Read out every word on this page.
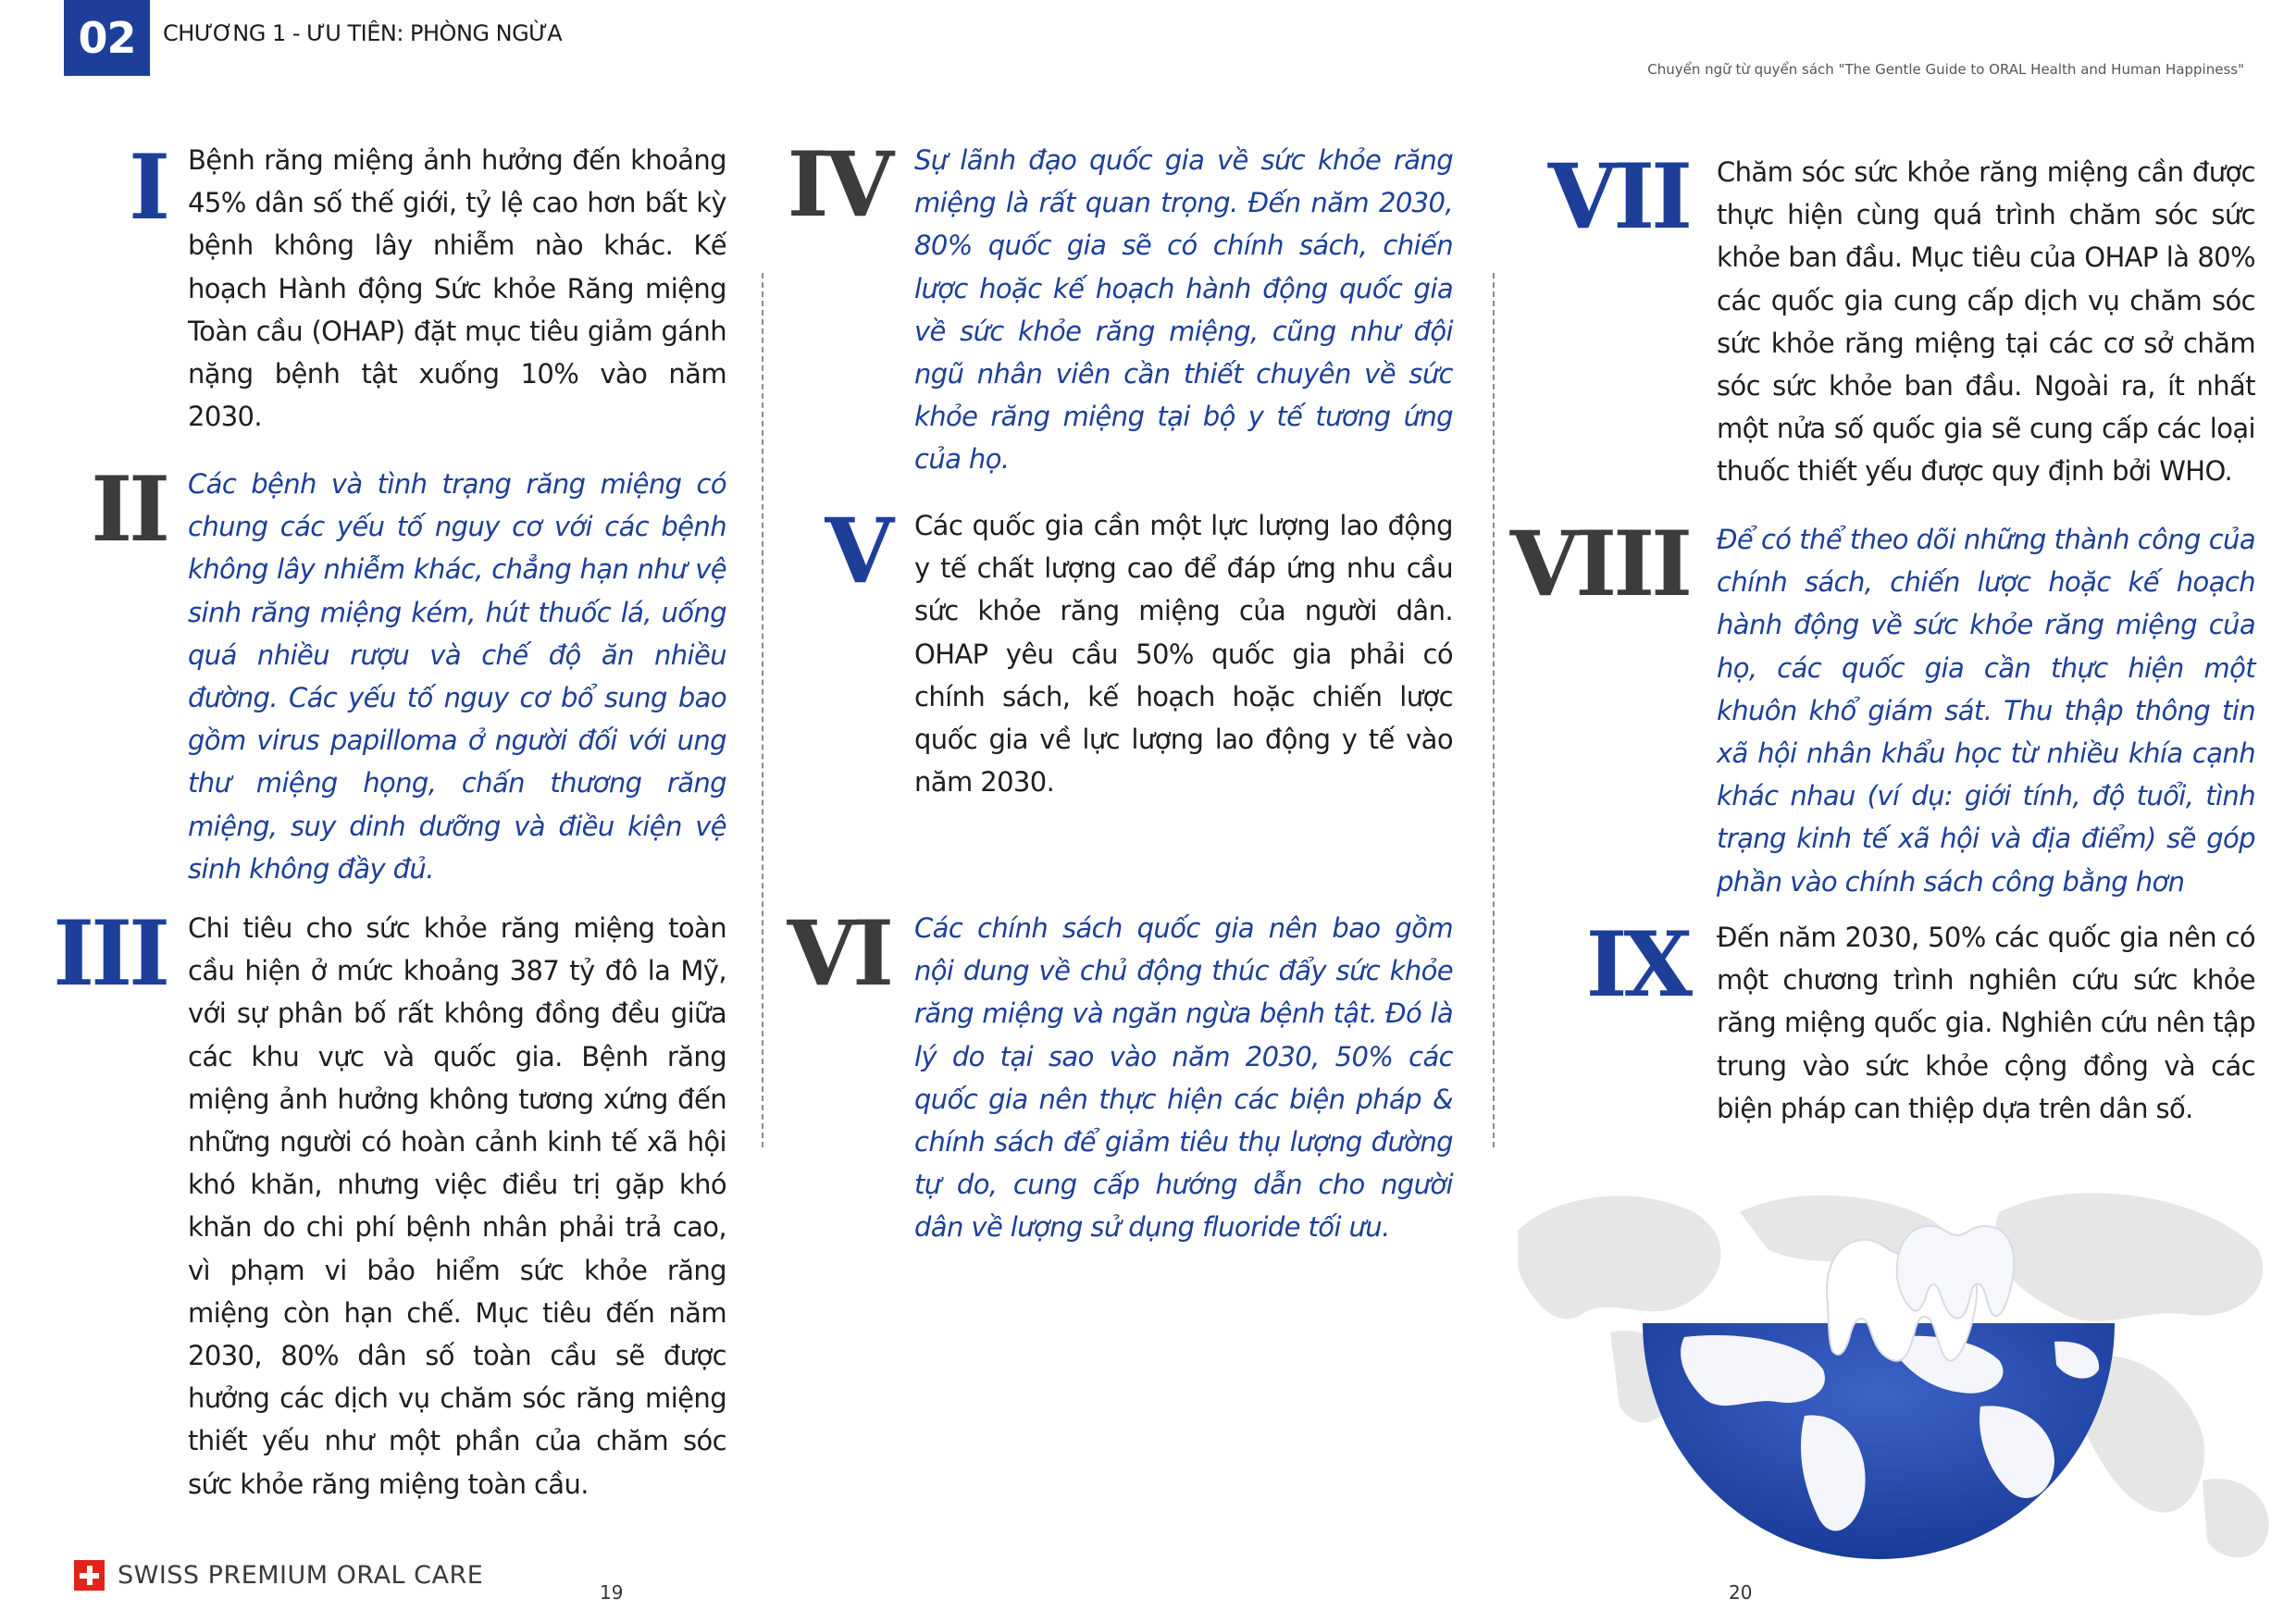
02	CHƯƠNG 1 - ƯU TIÊN: PHÒNG NGỪA
Chuyển ngữ từ quyển sách "The Gentle Guide to ORAL Health and Human Happiness"
I Bệnh răng miệng ảnh hưởng đến khoảng 45% dân số thế giới, tỷ lệ cao hơn bất kỳ bệnh không lây nhiễm nào khác. Kế hoạch Hành động Sức khỏe Răng miệng Toàn cầu (OHAP) đặt mục tiêu giảm gánh nặng bệnh tật xuống 10% vào năm 2030.
II Các bệnh và tình trạng răng miệng có chung các yếu tố nguy cơ với các bệnh không lây nhiễm khác, chẳng hạn như vệ sinh răng miệng kém, hút thuốc lá, uống quá nhiều rượu và chế độ ăn nhiều đường. Các yếu tố nguy cơ bổ sung bao gồm virus papilloma ở người đối với ung thư miệng họng, chấn thương răng miệng, suy dinh dưỡng và điều kiện vệ sinh không đầy đủ.
III Chi tiêu cho sức khỏe răng miệng toàn cầu hiện ở mức khoảng 387 tỷ đô la Mỹ, với sự phân bố rất không đồng đều giữa các khu vực và quốc gia. Bệnh răng miệng ảnh hưởng không tương xứng đến những người có hoàn cảnh kinh tế xã hội khó khăn, nhưng việc điều trị gặp khó khăn do chi phí bệnh nhân phải trả cao, vì phạm vi bảo hiểm sức khỏe răng miệng còn hạn chế. Mục tiêu đến năm 2030, 80% dân số toàn cầu sẽ được hưởng các dịch vụ chăm sóc răng miệng thiết yếu như một phần của chăm sóc sức khỏe răng miệng toàn cầu.
IV Sự lãnh đạo quốc gia về sức khỏe răng miệng là rất quan trọng. Đến năm 2030, 80% quốc gia sẽ có chính sách, chiến lược hoặc kế hoạch hành động quốc gia về sức khỏe răng miệng, cũng như đội ngũ nhân viên cần thiết chuyên về sức khỏe răng miệng tại bộ y tế tương ứng của họ.
V Các quốc gia cần một lực lượng lao động y tế chất lượng cao để đáp ứng nhu cầu sức khỏe răng miệng của người dân. OHAP yêu cầu 50% quốc gia phải có chính sách, kế hoạch hoặc chiến lược quốc gia về lực lượng lao động y tế vào năm 2030.
VI Các chính sách quốc gia nên bao gồm nội dung về chủ động thúc đẩy sức khỏe răng miệng và ngăn ngừa bệnh tật. Đó là lý do tại sao vào năm 2030, 50% các quốc gia nên thực hiện các biện pháp & chính sách để giảm tiêu thụ lượng đường tự do, cung cấp hướng dẫn cho người dân về lượng sử dụng fluoride tối ưu.
VII Chăm sóc sức khỏe răng miệng cần được thực hiện cùng quá trình chăm sóc sức khỏe ban đầu. Mục tiêu của OHAP là 80% các quốc gia cung cấp dịch vụ chăm sóc sức khỏe răng miệng tại các cơ sở chăm sóc sức khỏe ban đầu. Ngoài ra, ít nhất một nửa số quốc gia sẽ cung cấp các loại thuốc thiết yếu được quy định bởi WHO.
VIII Để có thể theo dõi những thành công của chính sách, chiến lược hoặc kế hoạch hành động về sức khỏe răng miệng của họ, các quốc gia cần thực hiện một khuôn khổ giám sát. Thu thập thông tin xã hội nhân khẩu học từ nhiều khía cạnh khác nhau (ví dụ: giới tính, độ tuổi, tình trạng kinh tế xã hội và địa điểm) sẽ góp phần vào chính sách công bằng hơn
IX Đến năm 2030, 50% các quốc gia nên có một chương trình nghiên cứu sức khỏe răng miệng quốc gia. Nghiên cứu nên tập trung vào sức khỏe cộng đồng và các biện pháp can thiệp dựa trên dân số.
SWISS PREMIUM ORAL CARE
19	20
